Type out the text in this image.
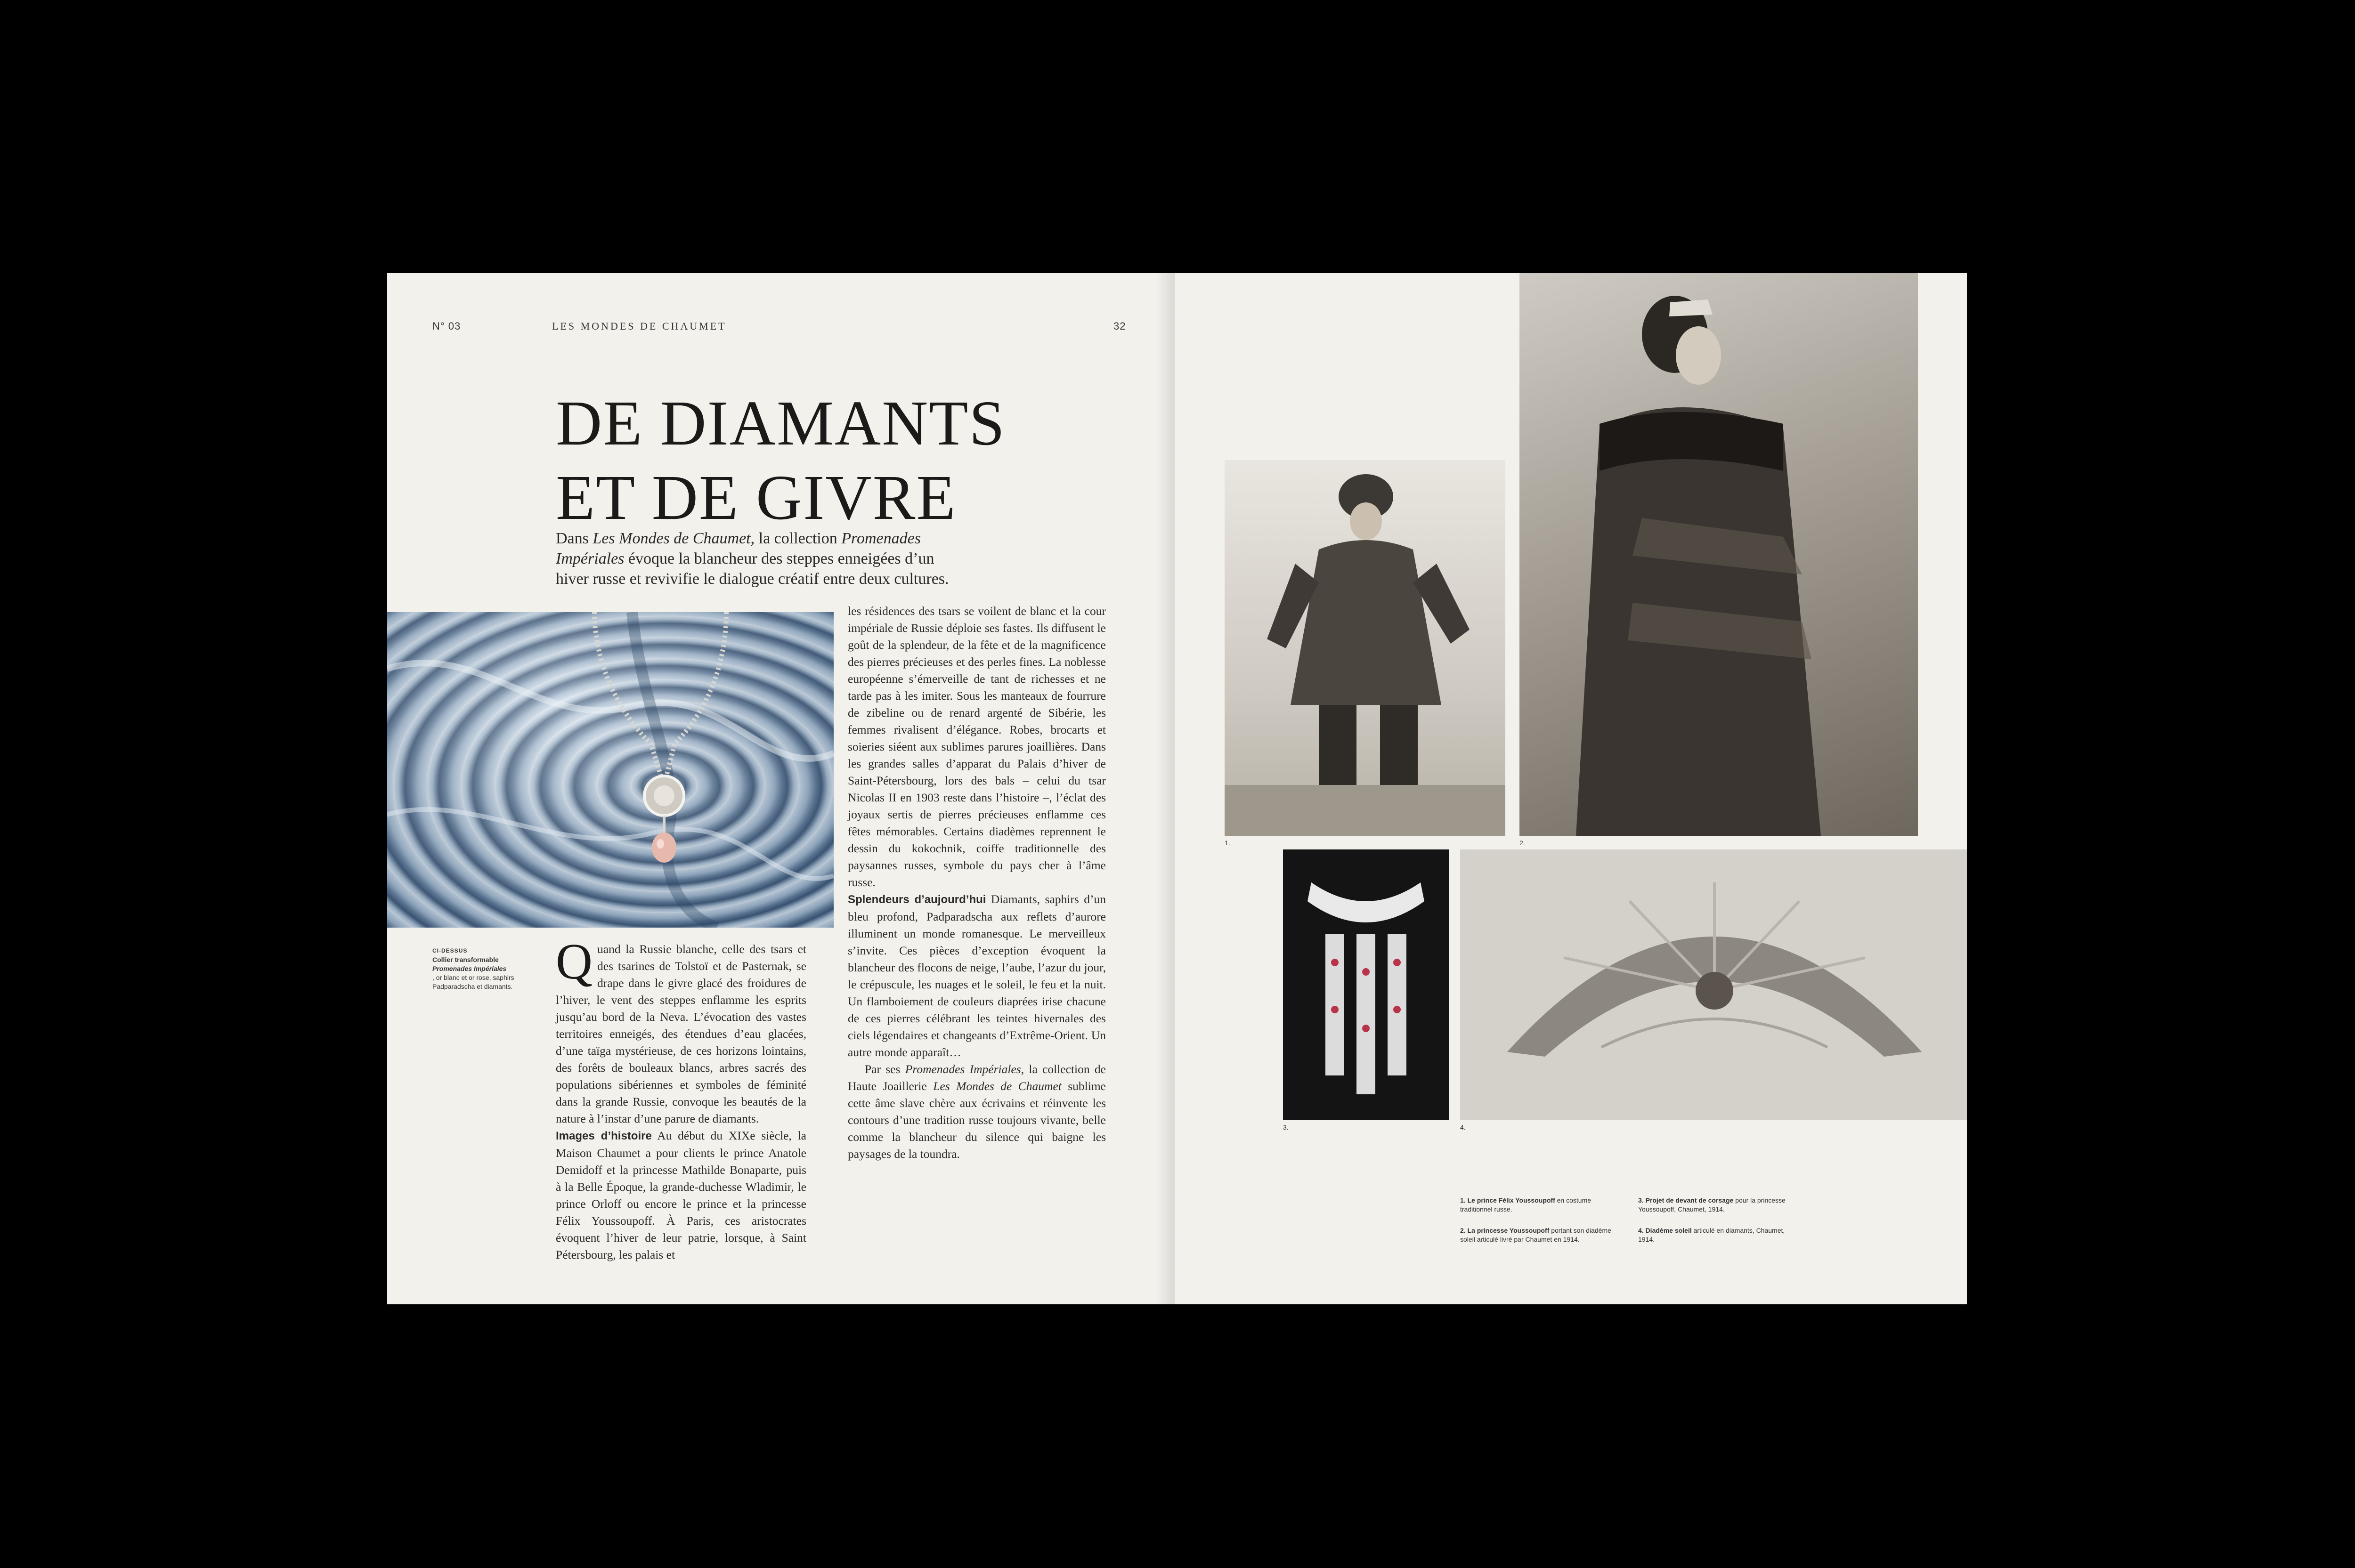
N° 03	LES MONDES DE CHAUMET	32
DE DIAMANTS
ET DE GIVRE
Dans Les Mondes de Chaumet, la collection Promenades Impériales évoque la blancheur des steppes enneigées d’un hiver russe et revivifie le dialogue créatif entre deux cultures.
CI-DESSUS
Collier transformable
Promenades Impériales
, or blanc et or rose, saphirs Padparadscha et diamants. Quand la Russie blanche, celle des tsars et des tsarines de Tolstoï et de Pasternak, se drape dans le givre glacé des froidures de l’hiver, le vent des steppes enflamme les esprits jusqu’au bord de la Neva. L’évocation des vastes territoires enneigés, des étendues d’eau glacées, d’une taïga mystérieuse, de ces horizons lointains, des forêts de bouleaux blancs, arbres sacrés des populations sibériennes et symboles de féminité dans la grande Russie, convoque les beautés de la nature à l’instar d’une parure de diamants.

Images d’histoire Au début du XIXe siècle, la Maison Chaumet a pour clients le prince Anatole Demidoff et la princesse Mathilde Bonaparte, puis à la Belle Époque, la grande-duchesse Wladimir, le prince Orloff ou encore le prince et la princesse Félix Youssoupoff. À Paris, ces aristocrates évoquent l’hiver de leur patrie, lorsque, à Saint Pétersbourg, les palais et

les résidences des tsars se voilent de blanc et la cour impériale de Russie déploie ses fastes. Ils diffusent le goût de la splendeur, de la fête et de la magnificence des pierres précieuses et des perles fines. La noblesse européenne s’émerveille de tant de richesses et ne tarde pas à les imiter. Sous les manteaux de fourrure de zibeline ou de renard argenté de Sibérie, les femmes rivalisent d’élégance. Robes, brocarts et soieries siéent aux sublimes parures joaillières. Dans les grandes salles d’apparat du Palais d’hiver de Saint-Pétersbourg, lors des bals – celui du tsar Nicolas II en 1903 reste dans l’histoire –, l’éclat des joyaux sertis de pierres précieuses enflamme ces fêtes mémorables. Certains diadèmes reprennent le dessin du kokochnik, coiffe traditionnelle des paysannes russes, symbole du pays cher à l’âme russe.

Splendeurs d’aujourd’hui Diamants, saphirs d’un bleu profond, Padparadscha aux reflets d’aurore illuminent un monde romanesque. Le merveilleux s’invite. Ces pièces d’exception évoquent la blancheur des flocons de neige, l’aube, l’azur du jour, le crépuscule, les nuages et le soleil, le feu et la nuit. Un flamboiement de couleurs diaprées irise chacune de ces pierres célébrant les teintes hivernales des ciels légendaires et changeants d’Extrême-Orient. Un autre monde apparaît…

Par ses Promenades Impériales, la collection de Haute Joaillerie Les Mondes de Chaumet sublime cette âme slave chère aux écrivains et réinvente les contours d’une tradition russe toujours vivante, belle comme la blancheur du silence qui baigne les paysages de la toundra.

1.	2.
3.	4.
1. Le prince Félix Youssoupoff en costume traditionnel russe.
2. La princesse Youssoupoff portant son diadème soleil articulé livré par Chaumet en 1914.
3. Projet de devant de corsage pour la princesse Youssoupoff, Chaumet, 1914.
4. Diadème soleil articulé en diamants, Chaumet, 1914.
